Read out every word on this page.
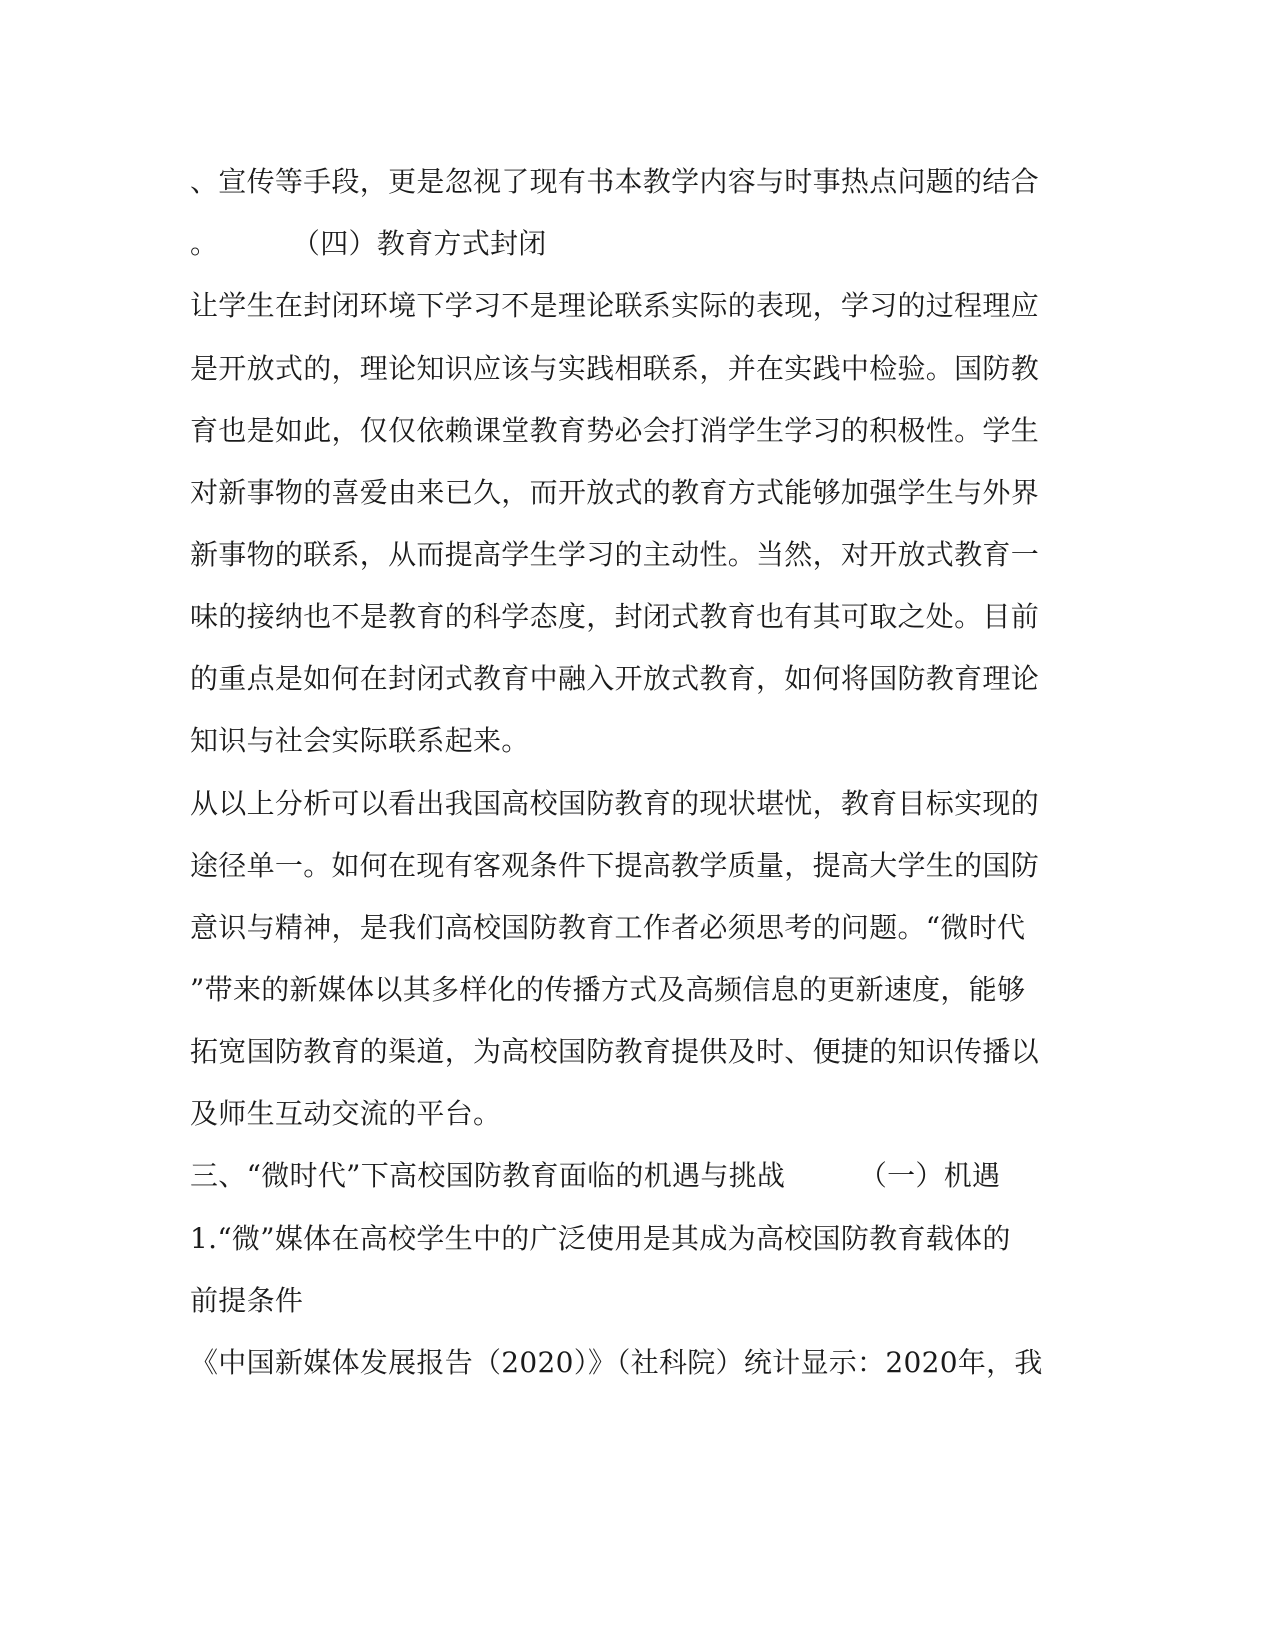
、宣传等手段，更是忽视了现有书本教学内容与时事热点问题的结合
。        （四）教育方式封闭
让学生在封闭环境下学习不是理论联系实际的表现，学习的过程理应
是开放式的，理论知识应该与实践相联系，并在实践中检验。国防教
育也是如此，仅仅依赖课堂教育势必会打消学生学习的积极性。学生
对新事物的喜爱由来已久，而开放式的教育方式能够加强学生与外界
新事物的联系，从而提高学生学习的主动性。当然，对开放式教育一
味的接纳也不是教育的科学态度，封闭式教育也有其可取之处。目前
的重点是如何在封闭式教育中融入开放式教育，如何将国防教育理论
知识与社会实际联系起来。
从以上分析可以看出我国高校国防教育的现状堪忧，教育目标实现的
途径单一。如何在现有客观条件下提高教学质量，提高大学生的国防
意识与精神，是我们高校国防教育工作者必须思考的问题。“微时代
”带来的新媒体以其多样化的传播方式及高频信息的更新速度，能够
拓宽国防教育的渠道，为高校国防教育提供及时、便捷的知识传播以
及师生互动交流的平台。
三、“微时代”下高校国防教育面临的机遇与挑战        （一）机遇
1.“微”媒体在高校学生中的广泛使用是其成为高校国防教育载体的
前提条件
《中国新媒体发展报告（2020）》（社科院）统计显示：2020年，我
